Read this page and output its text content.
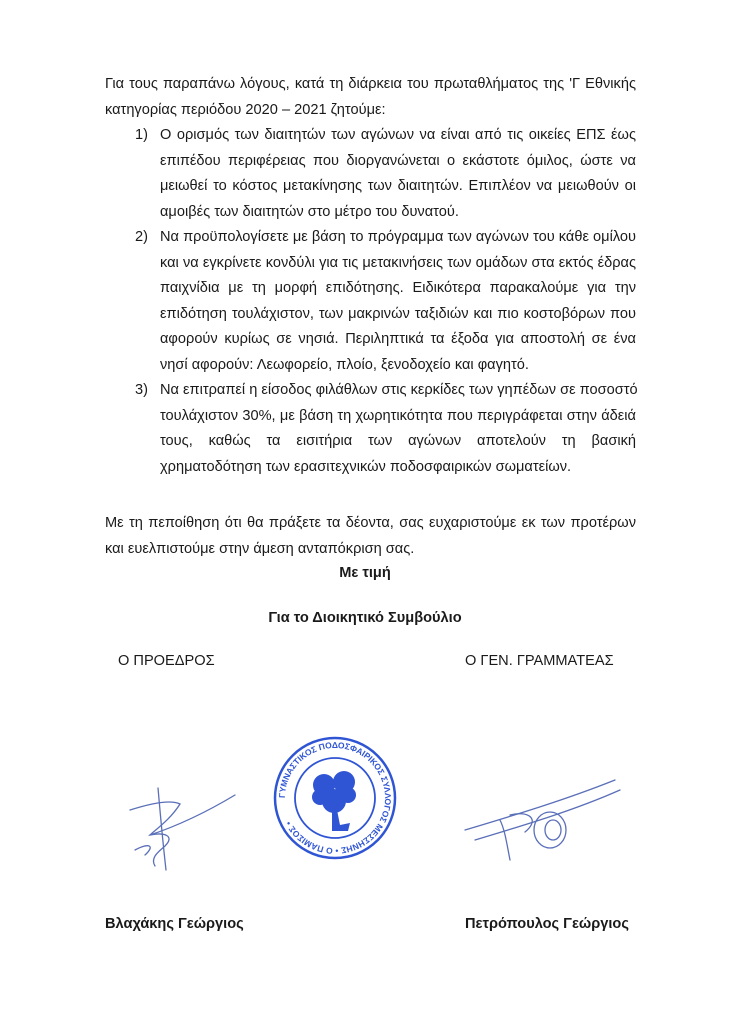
Για τους παραπάνω λόγους, κατά τη διάρκεια του πρωταθλήματος της 'Γ Εθνικής
κατηγορίας περιόδου 2020 – 2021 ζητούμε:
1) Ο ορισμός των διαιτητών των αγώνων να είναι από τις οικείες ΕΠΣ έως
επιπέδου περιφέρειας που διοργανώνεται ο εκάστοτε όμιλος, ώστε να
μειωθεί το κόστος μετακίνησης των διαιτητών. Επιπλέον να μειωθούν οι
αμοιβές των διαιτητών στο μέτρο του δυνατού.
2) Να προϋπολογίσετε με βάση το πρόγραμμα των αγώνων του κάθε ομίλου
και να εγκρίνετε κονδύλι για τις μετακινήσεις των ομάδων στα εκτός έδρας
παιχνίδια με τη μορφή επιδότησης. Ειδικότερα παρακαλούμε για την
επιδότηση τουλάχιστον, των μακρινών ταξιδιών και πιο κοστοβόρων που
αφορούν κυρίως σε νησιά. Περιληπτικά τα έξοδα για αποστολή σε ένα
νησί αφορούν: Λεωφορείο, πλοίο, ξενοδοχείο και φαγητό.
3) Να επιτραπεί η είσοδος φιλάθλων στις κερκίδες των γηπέδων σε ποσοστό
τουλάχιστον 30%, με βάση τη χωρητικότητα που περιγράφεται στην άδειά
τους, καθώς τα εισιτήρια των αγώνων αποτελούν τη βασική
χρηματοδότηση των ερασιτεχνικών ποδοσφαιρικών σωματείων.
Με τη πεποίθηση ότι θα πράξετε τα δέοντα, σας ευχαριστούμε εκ των προτέρων
και ευελπιστούμε στην άμεση ανταπόκριση σας.
Με τιμή
Για το Διοικητικό Συμβούλιο
Ο ΠΡΟΕΔΡΟΣ	Ο ΓΕΝ. ΓΡΑΜΜΑΤΕΑΣ
ΓΥΜΝΑΣΤΙΚΟΣ ΠΟΔΟΣΦΑΙΡΙΚΟΣ ΣΥΛΛΟΓΟΣ ΜΕΣΣΗΝΗΣ • Ο ΠΑΜΙΣΟΣ •
Βλαχάκης Γεώργιος	Πετρόπουλος Γεώργιος
